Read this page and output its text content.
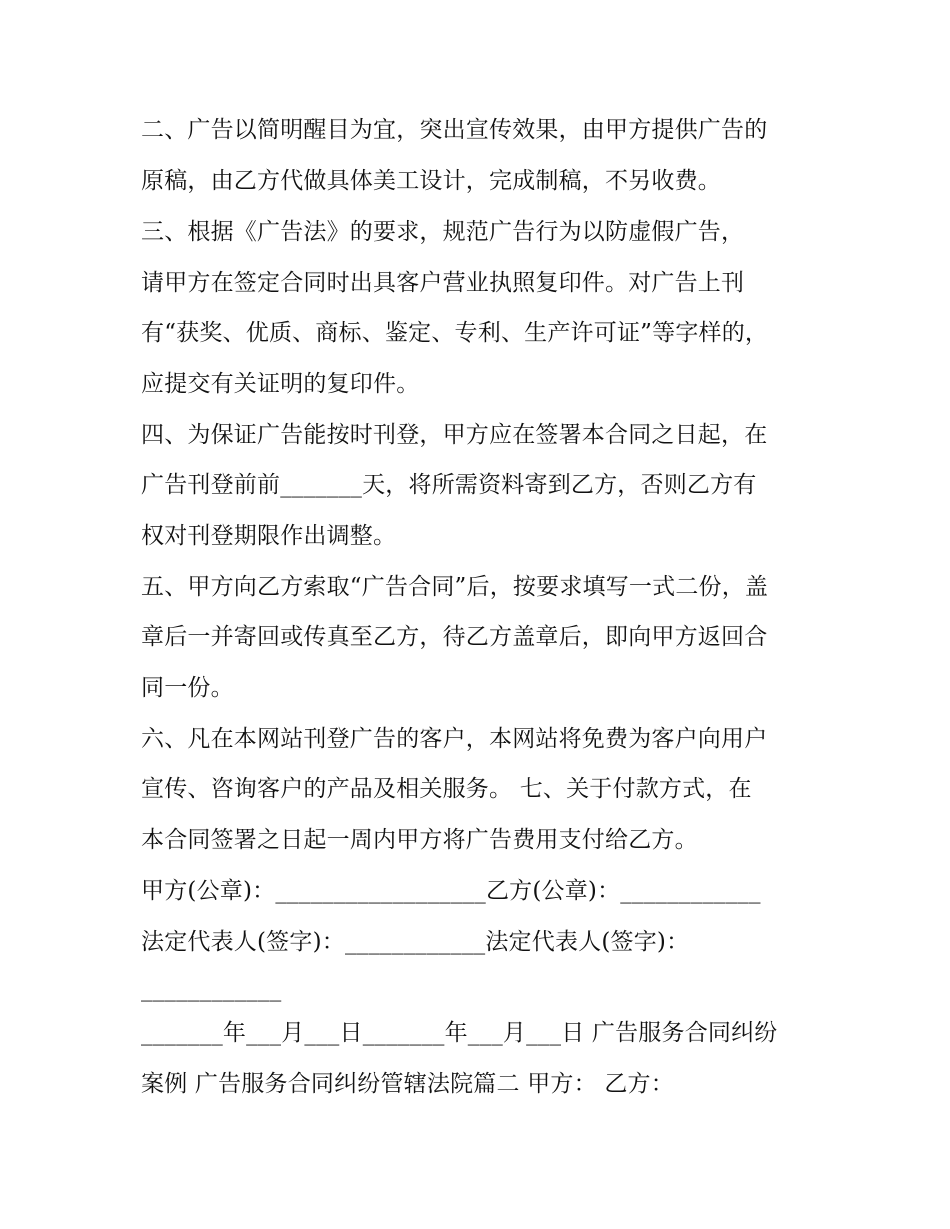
二、广告以简明醒目为宜，突出宣传效果，由甲方提供广告的

原稿，由乙方代做具体美工设计，完成制稿，不另收费。

三、根据《广告法》的要求，规范广告行为以防虚假广告，

请甲方在签定合同时出具客户营业执照复印件。对广告上刊

有“获奖、优质、商标、鉴定、专利、生产许可证”等字样的，

应提交有关证明的复印件。

四、为保证广告能按时刊登，甲方应在签署本合同之日起，在

广告刊登前前_______天，将所需资料寄到乙方，否则乙方有

权对刊登期限作出调整。

五、甲方向乙方索取“广告合同”后，按要求填写一式二份，盖

章后一并寄回或传真至乙方，待乙方盖章后，即向甲方返回合

同一份。

六、凡在本网站刊登广告的客户，本网站将免费为客户向用户

宣传、咨询客户的产品及相关服务。 七、关于付款方式，在

本合同签署之日起一周内甲方将广告费用支付给乙方。

甲方(公章)：__________________乙方(公章)：____________

法定代表人(签字)：____________法定代表人(签字)：

____________

_______年___月___日_______年___月___日 广告服务合同纠纷

案例 广告服务合同纠纷管辖法院篇二 甲方： 乙方：
